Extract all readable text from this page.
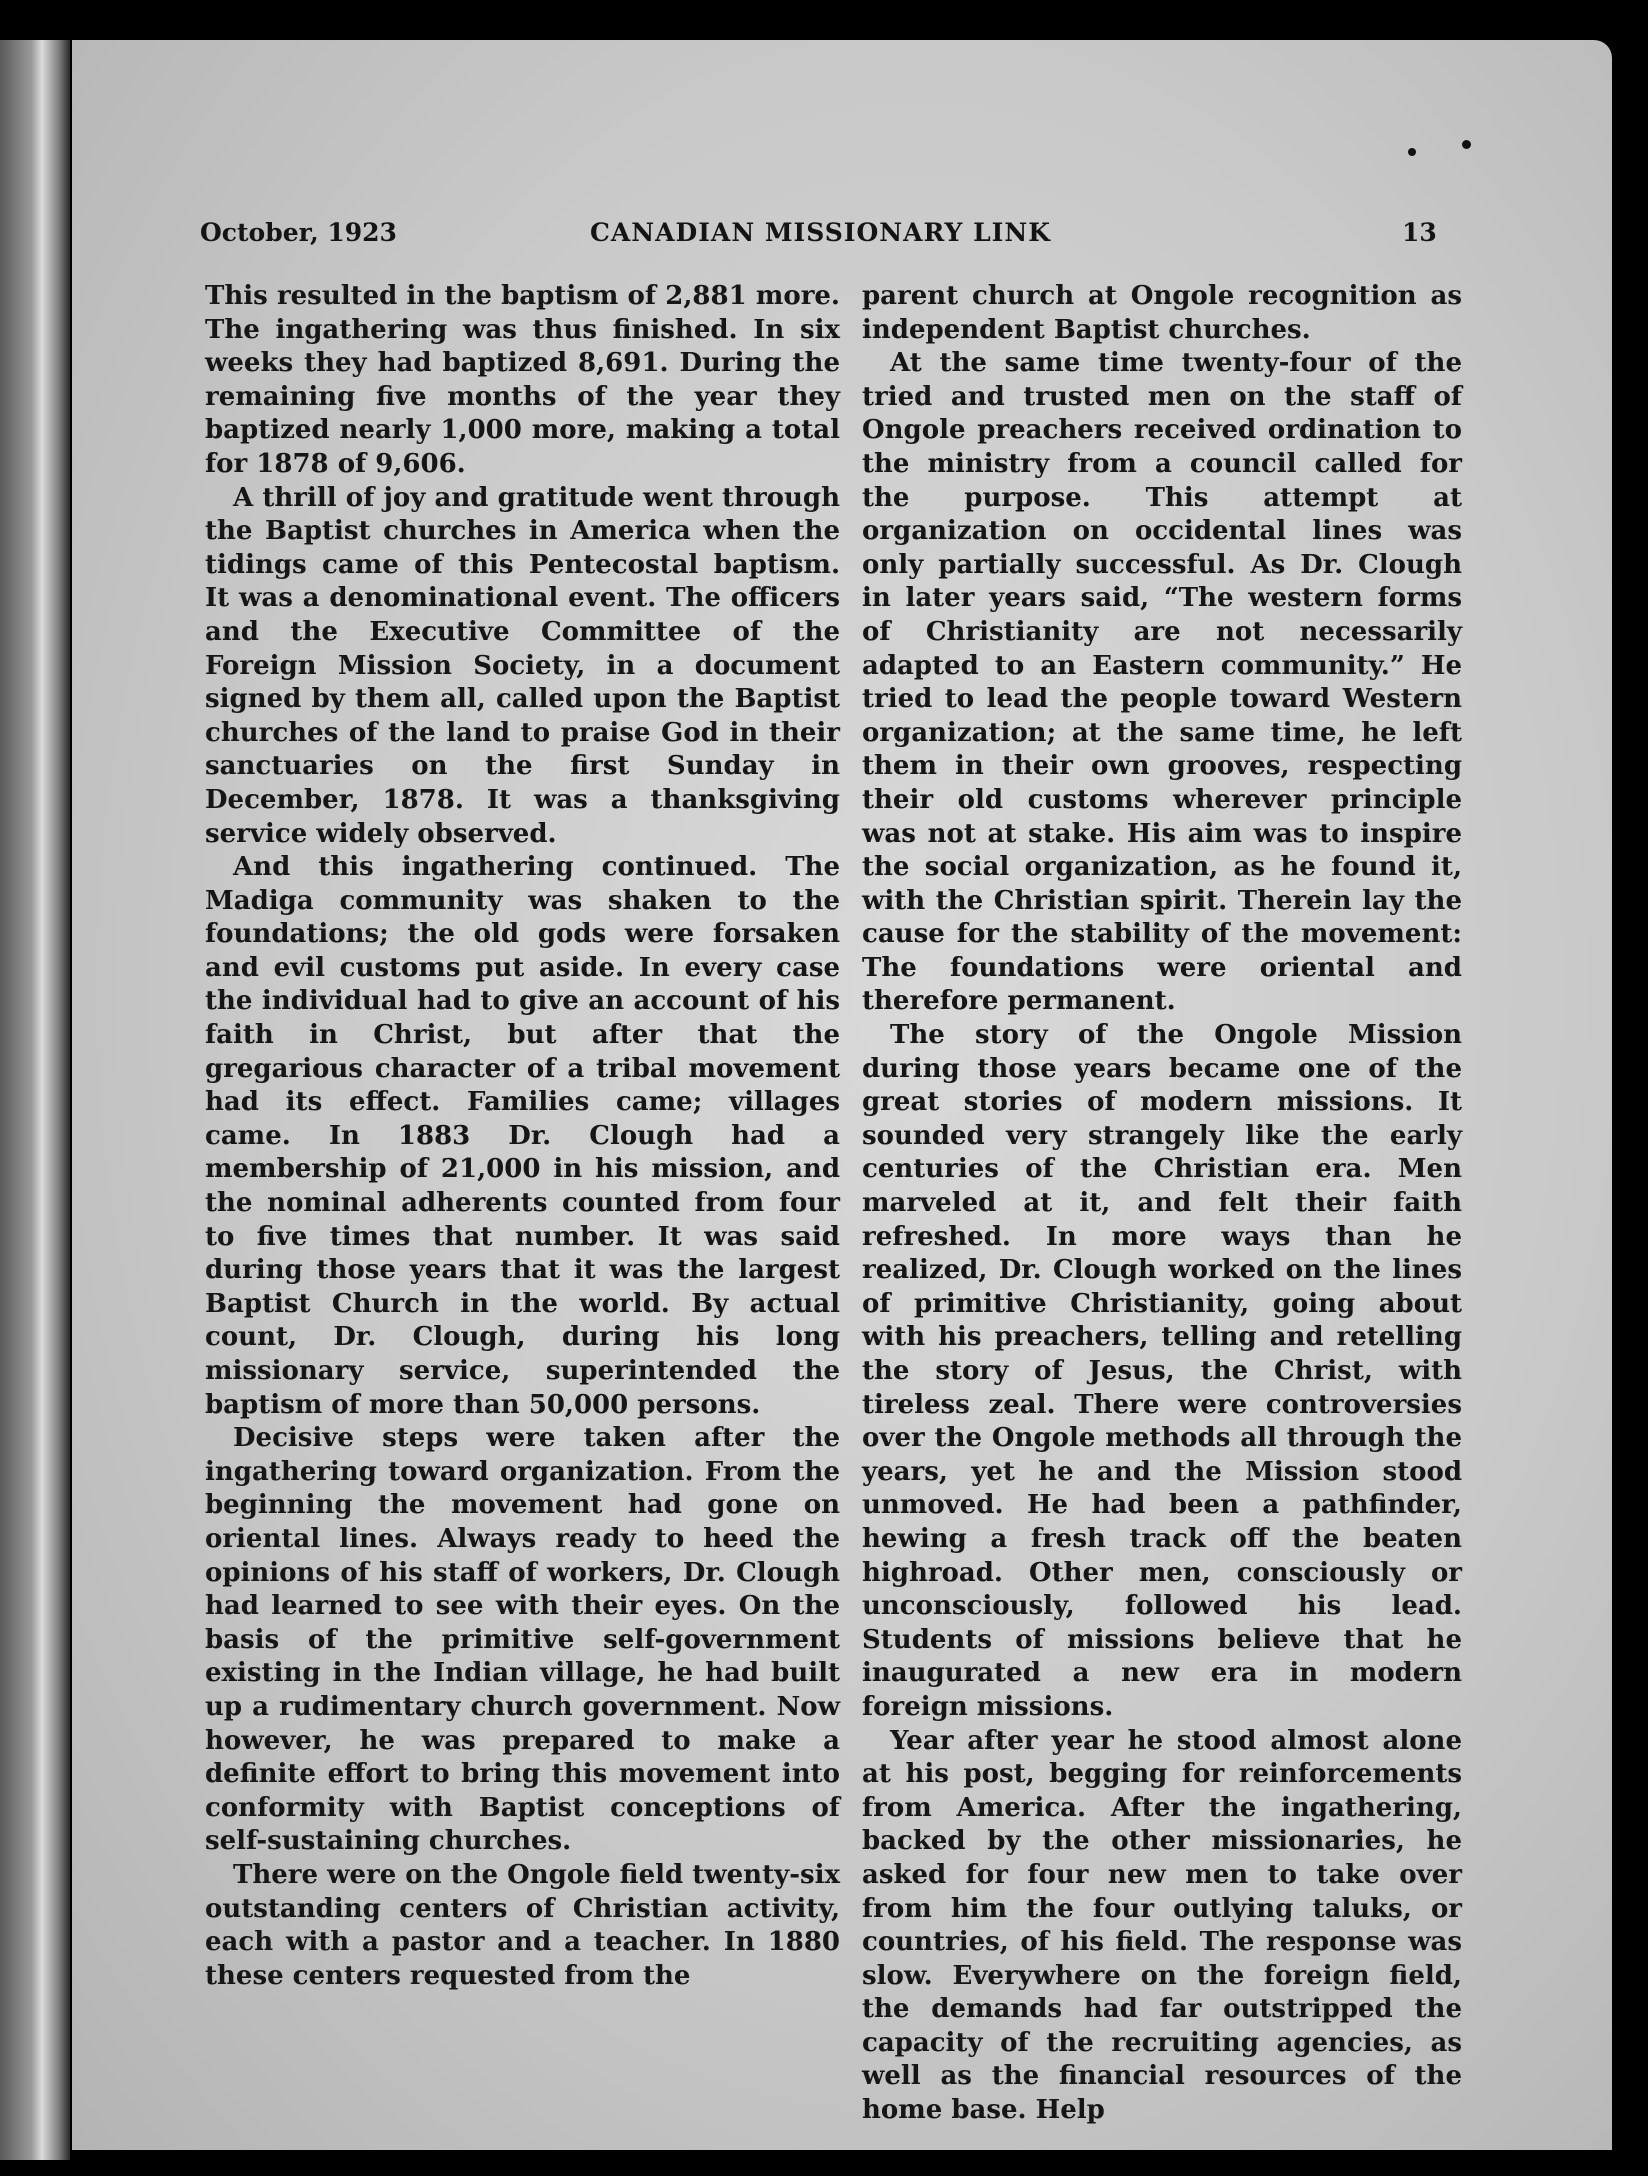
October, 1923	CANADIAN MISSIONARY LINK	13

This resulted in the baptism of 2,881 more. The ingathering was thus finished. In six weeks they had baptized 8,691. During the remaining five months of the year they baptized nearly 1,000 more, making a total for 1878 of 9,606.

A thrill of joy and gratitude went through the Baptist churches in America when the tidings came of this Pentecostal baptism. It was a denominational event. The officers and the Executive Committee of the Foreign Mission Society, in a document signed by them all, called upon the Baptist churches of the land to praise God in their sanctuaries on the first Sunday in December, 1878. It was a thanksgiving service widely observed.

And this ingathering continued. The Madiga community was shaken to the foundations; the old gods were forsaken and evil customs put aside. In every case the individual had to give an account of his faith in Christ, but after that the gregarious character of a tribal movement had its effect. Families came; villages came. In 1883 Dr. Clough had a membership of 21,000 in his mission, and the nominal adherents counted from four to five times that number. It was said during those years that it was the largest Baptist Church in the world. By actual count, Dr. Clough, during his long missionary service, superintended the baptism of more than 50,000 persons.

Decisive steps were taken after the ingathering toward organization. From the beginning the movement had gone on oriental lines. Always ready to heed the opinions of his staff of workers, Dr. Clough had learned to see with their eyes. On the basis of the primitive self-government existing in the Indian village, he had built up a rudimentary church government. Now however, he was prepared to make a definite effort to bring this movement into conformity with Baptist conceptions of self-sustaining churches.

There were on the Ongole field twenty-six outstanding centers of Christian activity, each with a pastor and a teacher. In 1880 these centers requested from the

parent church at Ongole recognition as independent Baptist churches.

At the same time twenty-four of the tried and trusted men on the staff of Ongole preachers received ordination to the ministry from a council called for the purpose. This attempt at organization on occidental lines was only partially successful. As Dr. Clough in later years said, “The western forms of Christianity are not necessarily adapted to an Eastern community.” He tried to lead the people toward Western organization; at the same time, he left them in their own grooves, respecting their old customs wherever principle was not at stake. His aim was to inspire the social organization, as he found it, with the Christian spirit. Therein lay the cause for the stability of the movement: The foundations were oriental and therefore permanent.

The story of the Ongole Mission during those years became one of the great stories of modern missions. It sounded very strangely like the early centuries of the Christian era. Men marveled at it, and felt their faith refreshed. In more ways than he realized, Dr. Clough worked on the lines of primitive Christianity, going about with his preachers, telling and retelling the story of Jesus, the Christ, with tireless zeal. There were controversies over the Ongole methods all through the years, yet he and the Mission stood unmoved. He had been a pathfinder, hewing a fresh track off the beaten highroad. Other men, consciously or unconsciously, followed his lead. Students of missions believe that he inaugurated a new era in modern foreign missions.

Year after year he stood almost alone at his post, begging for reinforcements from America. After the ingathering, backed by the other missionaries, he asked for four new men to take over from him the four outlying taluks, or countries, of his field. The response was slow. Everywhere on the foreign field, the demands had far outstripped the capacity of the recruiting agencies, as well as the financial resources of the home base. Help
